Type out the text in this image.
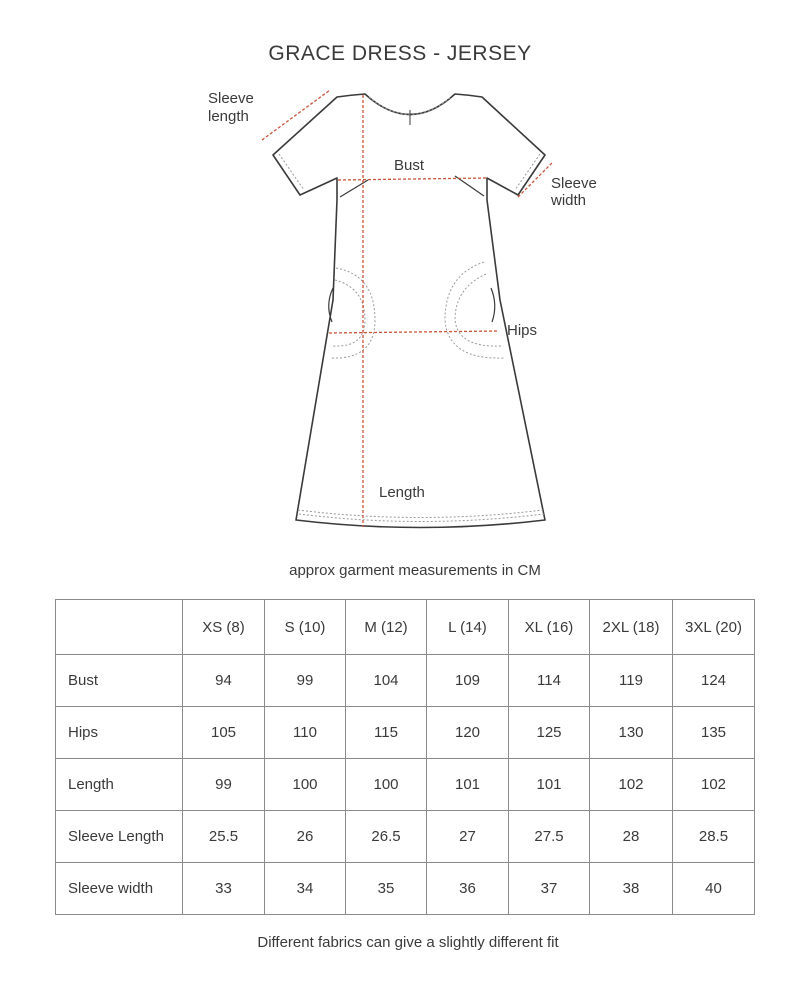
GRACE DRESS - JERSEY
Sleeve
length
Sleeve
width
Bust
Hips
Length
approx garment measurements in CM
	XS (8)	S (10)	M (12)	L (14)	XL (16)	2XL (18)	3XL (20)
Bust	94	99	104	109	114	119	124
Hips	105	110	115	120	125	130	135
Length	99	100	100	101	101	102	102
Sleeve Length	25.5	26	26.5	27	27.5	28	28.5
Sleeve width	33	34	35	36	37	38	40
Different fabrics can give a slightly different fit
